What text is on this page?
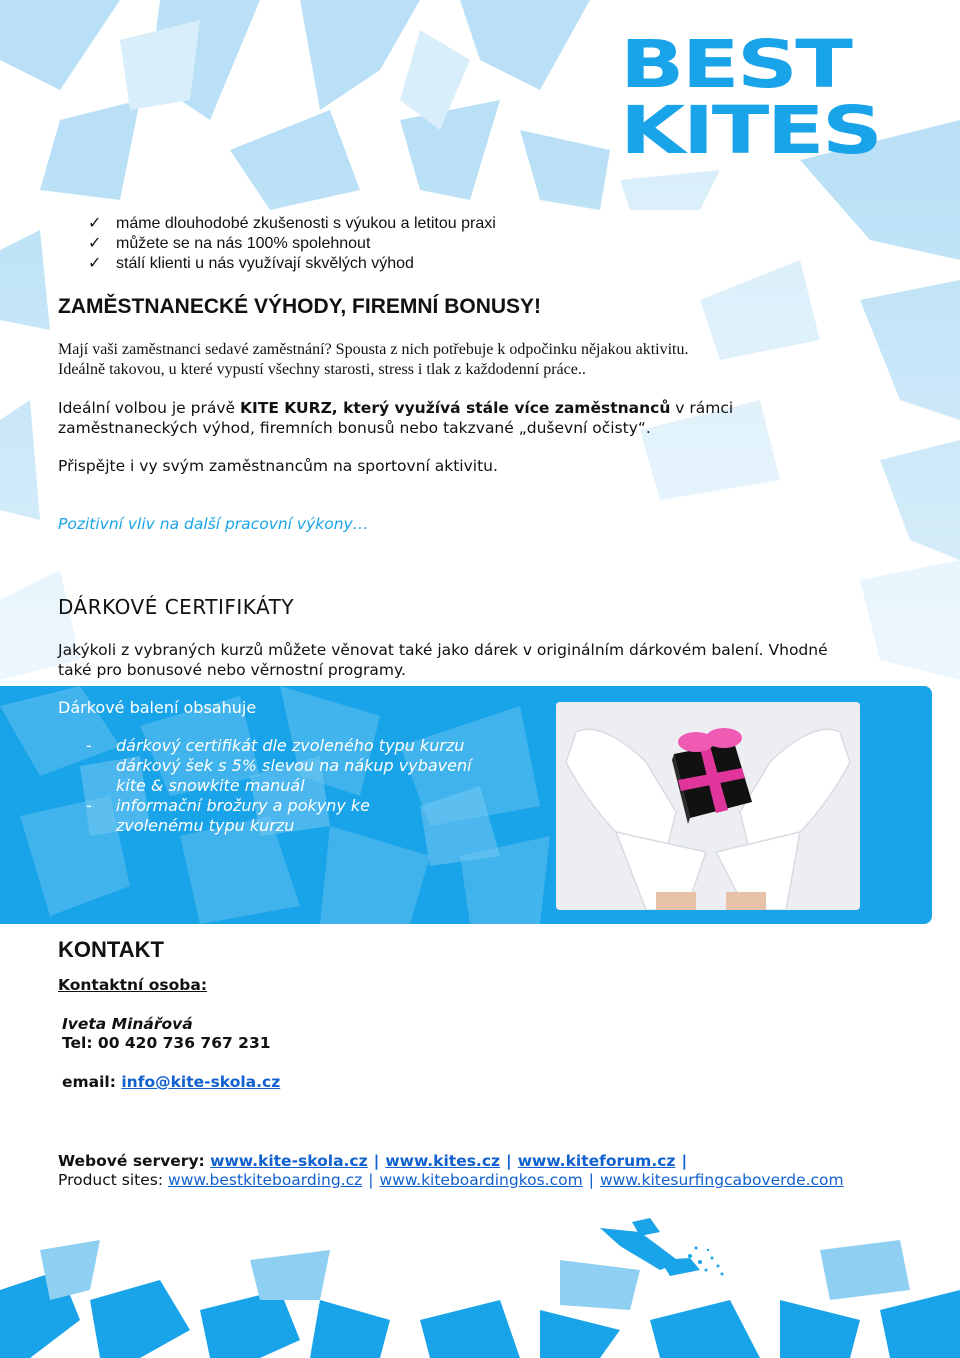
BEST
KITES
✓ máme dlouhodobé zkušenosti s výukou a letitou praxi
✓ můžete se na nás 100% spolehnout
✓ stálí klienti u nás využívají skvělých výhod
ZAMĚSTNANECKÉ VÝHODY, FIREMNÍ BONUSY!
Mají vaši zaměstnanci sedavé zaměstnání? Spousta z nich potřebuje k odpočinku nějakou aktivitu.
Ideálně takovou, u které vypustí všechny starosti, stress i tlak z každodenní práce..
Ideální volbou je právě KITE KURZ, který využívá stále více zaměstnanců v rámci
zaměstnaneckých výhod, firemních bonusů nebo takzvané „duševní očisty“.
Přispějte i vy svým zaměstnancům na sportovní aktivitu.
Pozitivní vliv na další pracovní výkony…
DÁRKOVÉ CERTIFIKÁTY
Jakýkoli z vybraných kurzů můžete věnovat také jako dárek v originálním dárkovém balení. Vhodné
také pro bonusové nebo věrnostní programy.
Dárkové balení obsahuje
- dárkový certifikát dle zvoleného typu kurzu
dárkový šek s 5% slevou na nákup vybavení
kite & snowkite manuál
- informační brožury a pokyny ke zvolenému typu kurzu
KONTAKT
Kontaktní osoba:
Iveta Minářová
Tel: 00 420 736 767 231
email: info@kite-skola.cz
Webové servery: www.kite-skola.cz | www.kites.cz | www.kiteforum.cz |
Product sites: www.bestkiteboarding.cz | www.kiteboardingkos.com | www.kitesurfingcaboverde.com
